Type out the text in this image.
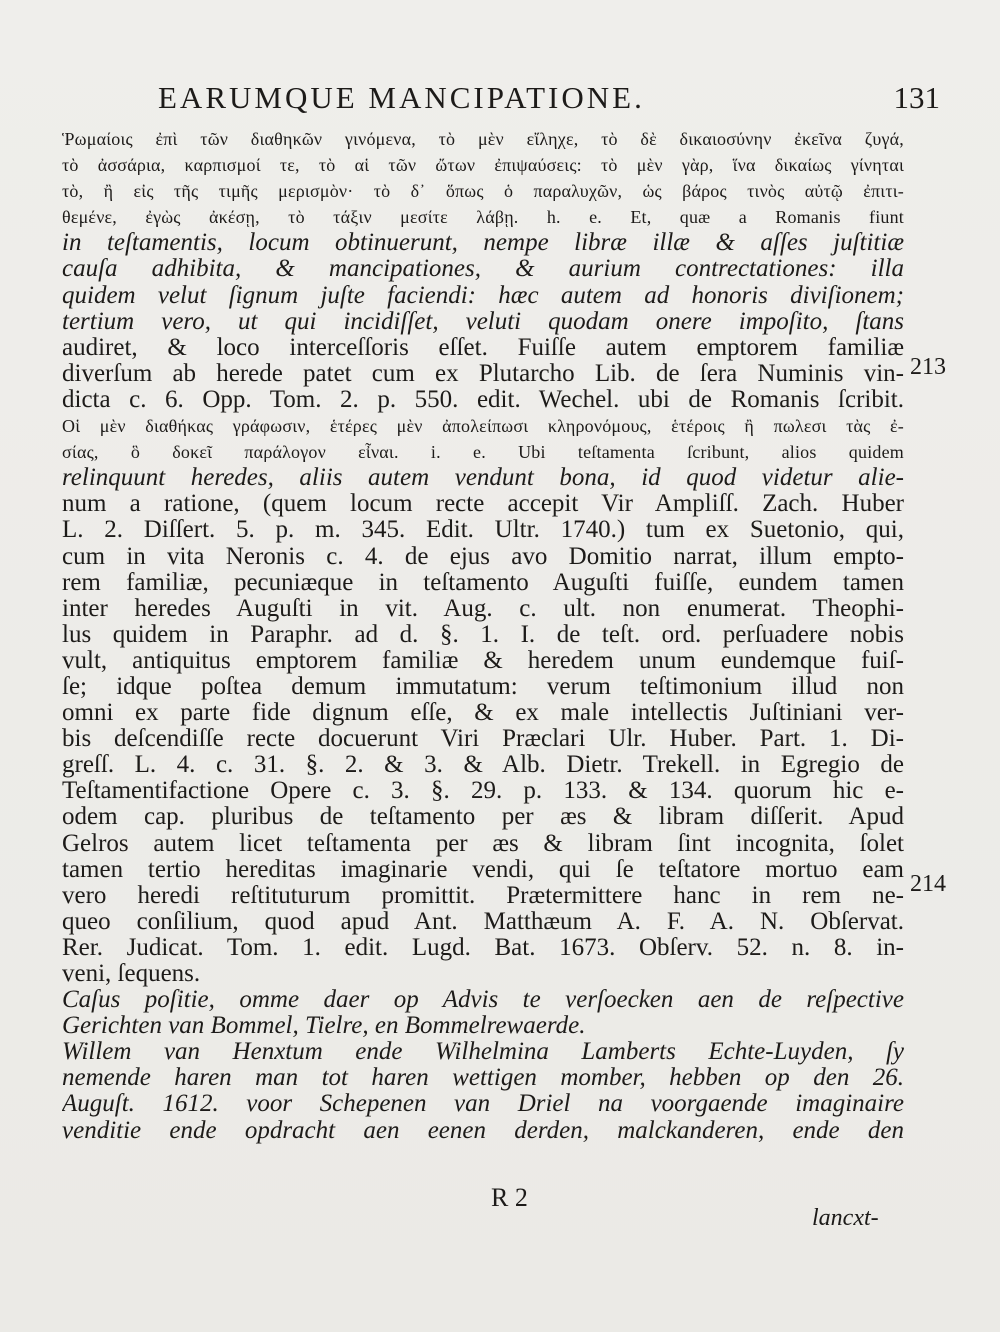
EARUMQUE MANCIPATIONE.	131
Ῥωμαίοις ἐπὶ τῶν διαθηκῶν γινόμενα, τὸ μὲν εἴληχε, τὸ δὲ δικαιοσύνην ἐκεῖνα ζυγά,
τὸ ἀσσάρια, καρπισμοί τε, τὸ αἱ τῶν ὤτων ἐπιψαύσεις: τὸ μὲν γὰρ, ἵνα δικαίως γίνηται
τὸ, ἢ εἰς τῆς τιμῆς μερισμὸν· τὸ δ᾽ ὅπως ὁ παραλυχῶν, ὡς βάρος τινὸς αὐτῷ ἐπιτι-
θεμένε, ἐγὼς ἀκέσῃ, τὸ τάξιν μεσίτε λάβῃ. h. e. Et, quæ a Romanis fiunt
in teſtamentis, locum obtinuerunt, nempe libræ illæ & aſſes juſtitiæ
cauſa adhibita, & mancipationes, & aurium contrectationes: illa
quidem velut ſignum juſte faciendi: hæc autem ad honoris diviſionem;
tertium vero, ut qui incidiſſet, veluti quodam onere impoſito, ſtans
audiret, & loco interceſſoris eſſet. Fuiſſe autem emptorem familiæ
diverſum ab herede patet cum ex Plutarcho Lib. de ſera Numinis vin-
dicta c. 6. Opp. Tom. 2. p. 550. edit. Wechel. ubi de Romanis ſcribit.
Οἱ μὲν διαθήκας γράφωσιν, ἑτέρες μὲν ἀπολείπωσι κληρονόμους, ἑτέροις ἢ πωλεσι τὰς ἐ-
σίας, ὃ δοκεῖ παράλογον εἶναι. i. e. Ubi teſtamenta ſcribunt, alios quidem
relinquunt heredes, aliis autem vendunt bona, id quod videtur alie-
num a ratione, (quem locum recte accepit Vir Ampliſſ. Zach. Huber
L. 2. Diſſert. 5. p. m. 345. Edit. Ultr. 1740.) tum ex Suetonio, qui,
cum in vita Neronis c. 4. de ejus avo Domitio narrat, illum empto-
rem familiæ, pecuniæque in teſtamento Auguſti fuiſſe, eundem tamen
inter heredes Auguſti in vit. Aug. c. ult. non enumerat. Theophi-
lus quidem in Paraphr. ad d. §. 1. I. de teſt. ord. perſuadere nobis
vult, antiquitus emptorem familiæ & heredem unum eundemque fuiſ-
ſe; idque poſtea demum immutatum: verum teſtimonium illud non
omni ex parte fide dignum eſſe, & ex male intellectis Juſtiniani ver-
bis deſcendiſſe recte docuerunt Viri Præclari Ulr. Huber. Part. 1. Di-
greſſ. L. 4. c. 31. §. 2. & 3. & Alb. Dietr. Trekell. in Egregio de
Teſtamentifactione Opere c. 3. §. 29. p. 133. & 134. quorum hic e-
odem cap. pluribus de teſtamento per æs & libram diſſerit. Apud
Gelros autem licet teſtamenta per æs & libram ſint incognita, ſolet
tamen tertio hereditas imaginarie vendi, qui ſe teſtatore mortuo eam
vero heredi reſtituturum promittit. Prætermittere hanc in rem ne-
queo conſilium, quod apud Ant. Matthæum A. F. A. N. Obſervat.
Rer. Judicat. Tom. 1. edit. Lugd. Bat. 1673. Obſerv. 52. n. 8. in-
veni, ſequens.
Caſus poſitie, omme daer op Advis te verſoecken aen de reſpective
Gerichten van Bommel, Tielre, en Bommelrewaerde.
Willem van Henxtum ende Wilhelmina Lamberts Echte-Luyden, ſy
nemende haren man tot haren wettigen momber, hebben op den 26.
Auguſt. 1612. voor Schepenen van Driel na voorgaende imaginaire
venditie ende opdracht aen eenen derden, malckanderen, ende den
213
214
R 2
lancxt-
